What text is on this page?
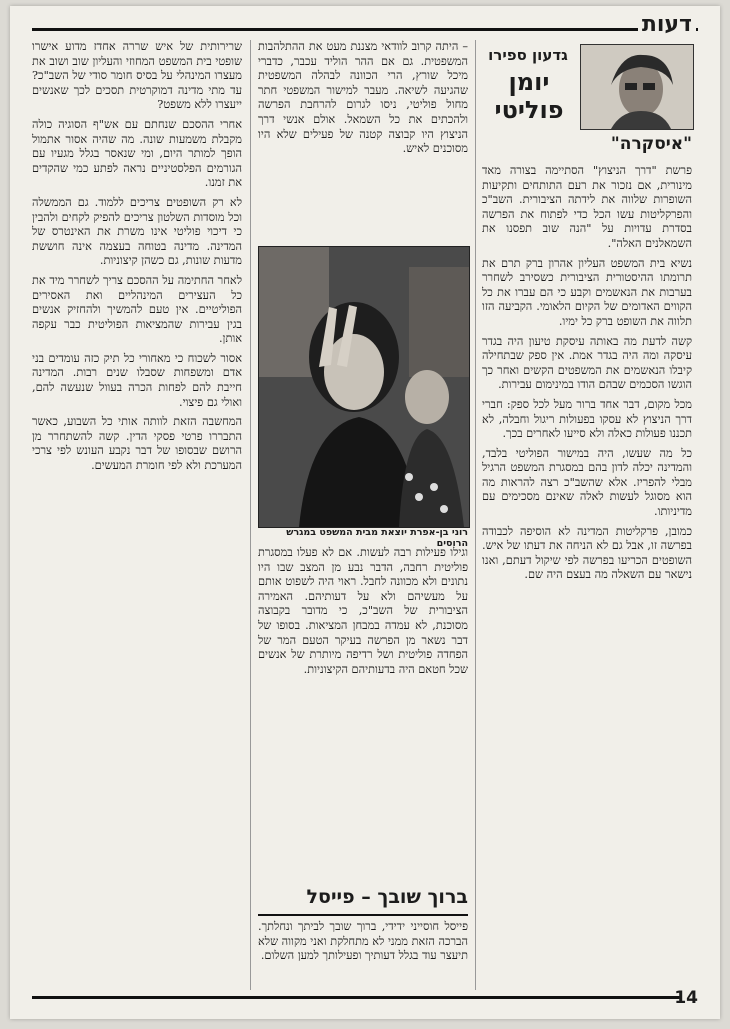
דעות
גדעון ספירו
יומן
פוליטי
"איסקרה"

פרשת "דרך הניצוץ" הסתיימה בצורה מאד מינורית, אם נזכור את רעם התותחים ותקיעות השופרות שלווה את לידתה הציבורית. השב"כ והפרקליטות עשו הכל כדי לפתוח את הפרשה בסדרת עדויות על "הנה שוב תפסנו את השמאלנים האלה".

נשיא בית המשפט העליון אהרון ברק תרם את תרומתו ההיסטורית הציבורית כשסירב לשחרר בערבות את הנאשמים וקבע כי הם עברו את כל הקווים האדומים של הקיום הלאומי. הקביעה הזו תלווה את השופט ברק כל ימיו.

קשה לדעת מה באותה עיסקת טיעון היה בגדר עיסקה ומה היה בגדר אמת. אין ספק שבתחילה קיבלו הנאשמים את המשפטים הקשים ואחר כך הוגשו הסכמים שבהם הודו במינימום עבירות.

מכל מקום, דבר אחד ברור מעל לכל ספק: חברי דרך הניצוץ לא עסקו בפעולות ריגול וחבלה, לא תכננו פעולות כאלה ולא סייעו לאחרים בכך.

כל מה שעשו, היה במישור הפוליטי בלבד, והמדינה יכלה לדון בהם במסגרת המשפט הרגיל מבלי להפריז. אלא שהשב"כ רצה להראות מה הוא מסוגל לעשות לאלה שאינם מסכימים עם מדיניותו.

כמובן, פרקליטות המדינה לא הוסיפה לכבודה בפרשה זו, אבל גם לא הניחה את דעתו של איש. השופטים הכריעו בפרשה לפי שיקול דעתם, ואנו נישאר עם השאלה מה בעצם היה שם.

– היתה קרוב לוודאי מצננת מעט את ההתלהבות המשפטית. גם אם ההר הוליד עכבר, כדברי מיכל שורץ, הרי הכוונה לבהלה המשפטית שהגיעה לשיאה. מעבר למישור המשפטי חתר מחול פוליטי, ניסו לגרום להרחבת הפרשה ולהכתים את כל השמאל. אולם אנשי דרך הניצוץ היו קבוצה קטנה של פעילים שלא היו מסוכנים לאיש.

רוני בן-אפרת יוצאת מבית המשפט במגרש הרוסים

וגילו פעילות רבה לעשות. אם לא פעלו במסגרת פוליטית רחבה, הדבר נבע מן המצב שבו היו נתונים ולא מכוונה לחבל. ראוי היה לשפוט אותם על מעשיהם ולא על דעותיהם. האמירה הציבורית של השב"כ, כי מדובר בקבוצה מסוכנת, לא עמדה במבחן המציאות. בסופו של דבר נשאר מן הפרשה בעיקר הטעם המר של הפחדה פוליטית ושל רדיפה מיותרת של אנשים שכל חטאם היה בדעותיהם הקיצוניות.

ברוך שובך – פייסל

פייסל חוסייני ידידי, ברוך שובך לביתך ונחלתך. הברכה הזאת ממני לא מתחלקת ואני מקווה שלא תיעצר עוד בגלל דעותיך ופעילותך למען השלום.

שרירותית של איש שררה אחדז מדוע אישרו שופטי בית המשפט המחוזי והעליון שוב ושוב את מעצרו המינהלי על בסיס חומר סודי של השב"כ? עד מתי מדינה דמוקרטית תסכים לכך שאנשים ייעצרו ללא משפט?

אחרי ההסכם שנחתם עם אש"ף הסוגיה כולה מקבלת משמעות שונה. מה שהיה אסור אתמול הופך למותר היום, ומי שנאסר בגלל מגעיו עם הגורמים הפלסטיניים נראה לפתע כמי שהקדים את זמנו.

לא רק השופטים צריכים ללמוד. גם הממשלה וכל מוסדות השלטון צריכים להפיק לקחים ולהבין כי דיכוי פוליטי אינו משרת את האינטרס של המדינה. מדינה בטוחה בעצמה אינה חוששת מדעות שונות, גם כשהן קיצוניות.

לאחר החתימה על ההסכם צריך לשחרר מיד את כל העצירים המינהליים ואת האסירים הפוליטיים. אין טעם להמשיך ולהחזיק אנשים בגין עבירות שהמציאות הפוליטית כבר עקפה אותן.

אסור לשכוח כי מאחורי כל תיק כזה עומדים בני אדם ומשפחות שסבלו שנים רבות. המדינה חייבת להם לפחות הכרה בעוול שנעשה להם, ואולי גם פיצוי.

המחשבה הזאת לוותה אותי כל השבוע, כאשר התבררו פרטי פסקי הדין. קשה להשתחרר מן הרושם שבסופו של דבר נקבע העונש לפי צרכי המערכת ולא לפי חומרת המעשים.

14
